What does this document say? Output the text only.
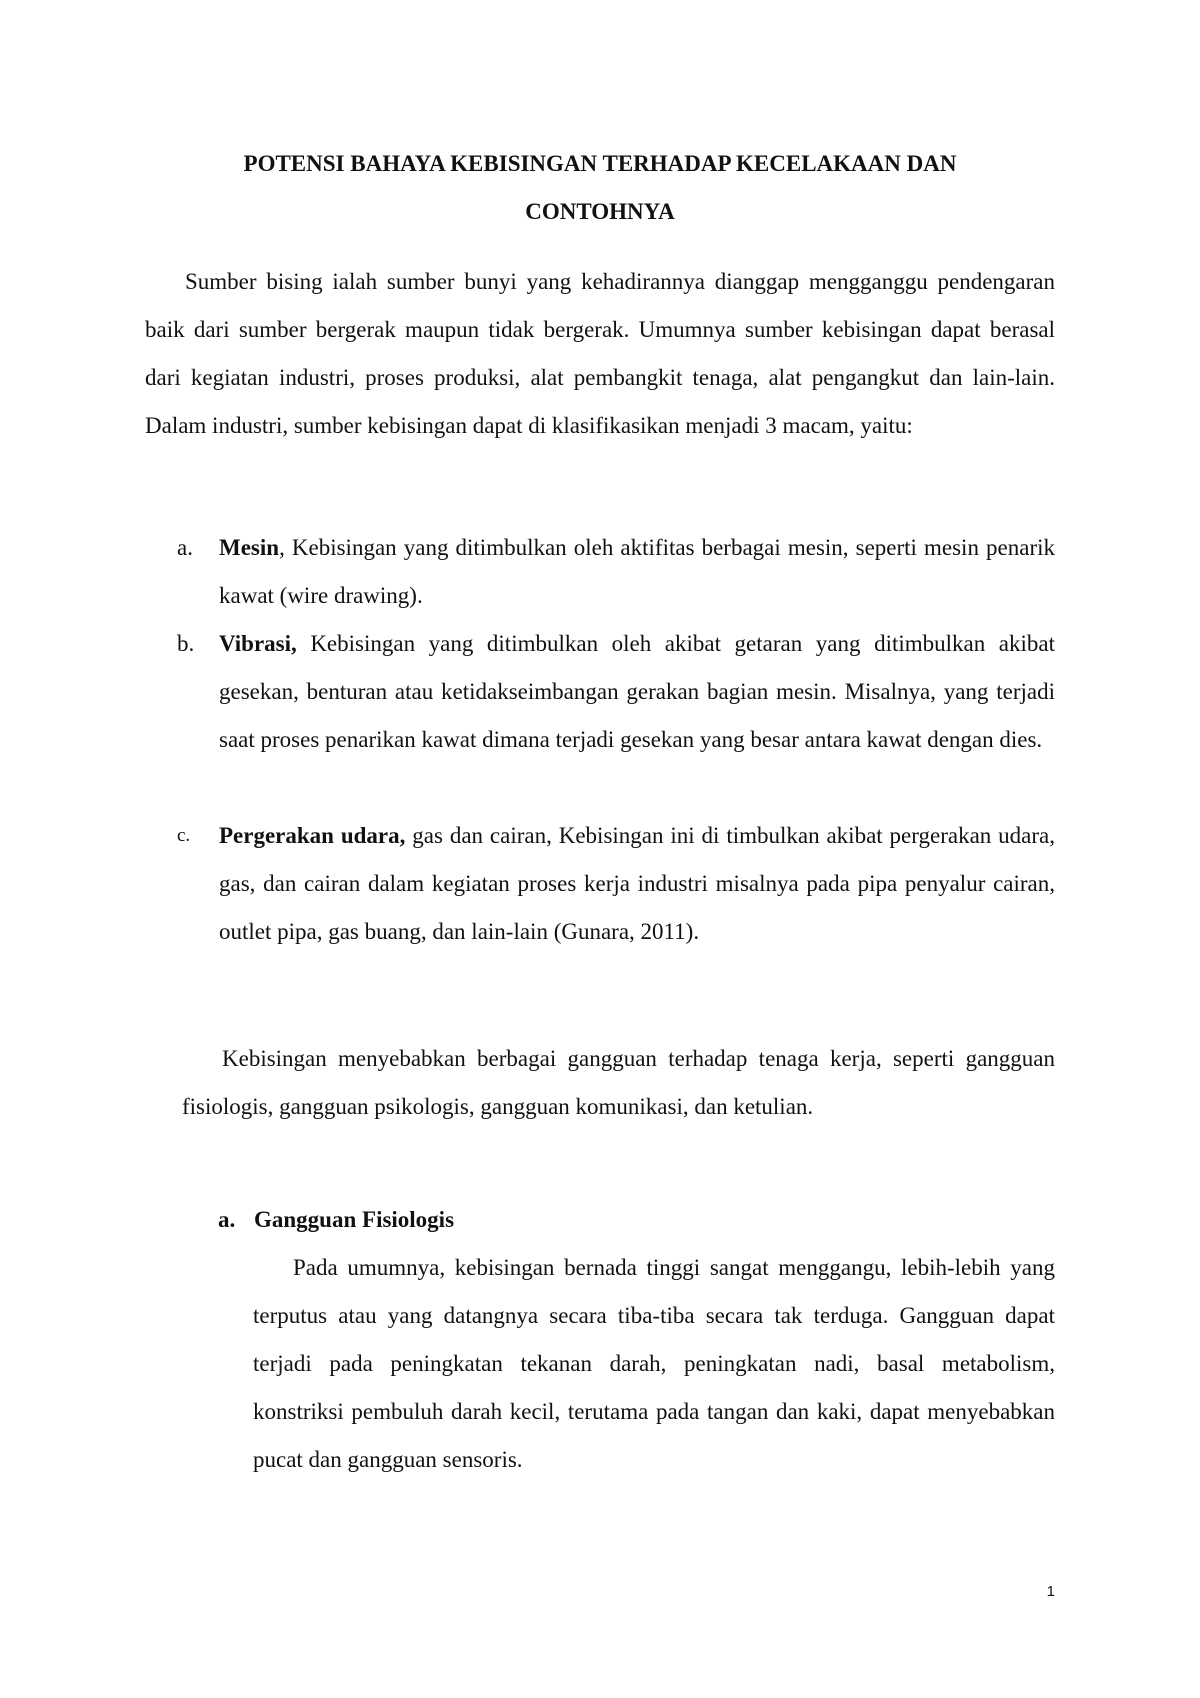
POTENSI BAHAYA KEBISINGAN TERHADAP KECELAKAAN DAN
CONTOHNYA
Sumber bising ialah sumber bunyi yang kehadirannya dianggap mengganggu pendengaran baik dari sumber bergerak maupun tidak bergerak. Umumnya sumber kebisingan dapat berasal dari kegiatan industri, proses produksi, alat pembangkit tenaga, alat pengangkut dan lain-lain. Dalam industri, sumber kebisingan dapat di klasifikasikan menjadi 3 macam, yaitu:
a. Mesin, Kebisingan yang ditimbulkan oleh aktifitas berbagai mesin, seperti mesin penarik kawat (wire drawing).
b. Vibrasi, Kebisingan yang ditimbulkan oleh akibat getaran yang ditimbulkan akibat gesekan, benturan atau ketidakseimbangan gerakan bagian mesin. Misalnya, yang terjadi saat proses penarikan kawat dimana terjadi gesekan yang besar antara kawat dengan dies.
c. Pergerakan udara, gas dan cairan, Kebisingan ini di timbulkan akibat pergerakan udara, gas, dan cairan dalam kegiatan proses kerja industri misalnya pada pipa penyalur cairan, outlet pipa, gas buang, dan lain-lain (Gunara, 2011).
Kebisingan menyebabkan berbagai gangguan terhadap tenaga kerja, seperti gangguan fisiologis, gangguan psikologis, gangguan komunikasi, dan ketulian.
a. Gangguan Fisiologis
Pada umumnya, kebisingan bernada tinggi sangat menggangu, lebih-lebih yang terputus atau yang datangnya secara tiba-tiba secara tak terduga. Gangguan dapat terjadi pada peningkatan tekanan darah, peningkatan nadi, basal metabolism, konstriksi pembuluh darah kecil, terutama pada tangan dan kaki, dapat menyebabkan pucat dan gangguan sensoris.
1
